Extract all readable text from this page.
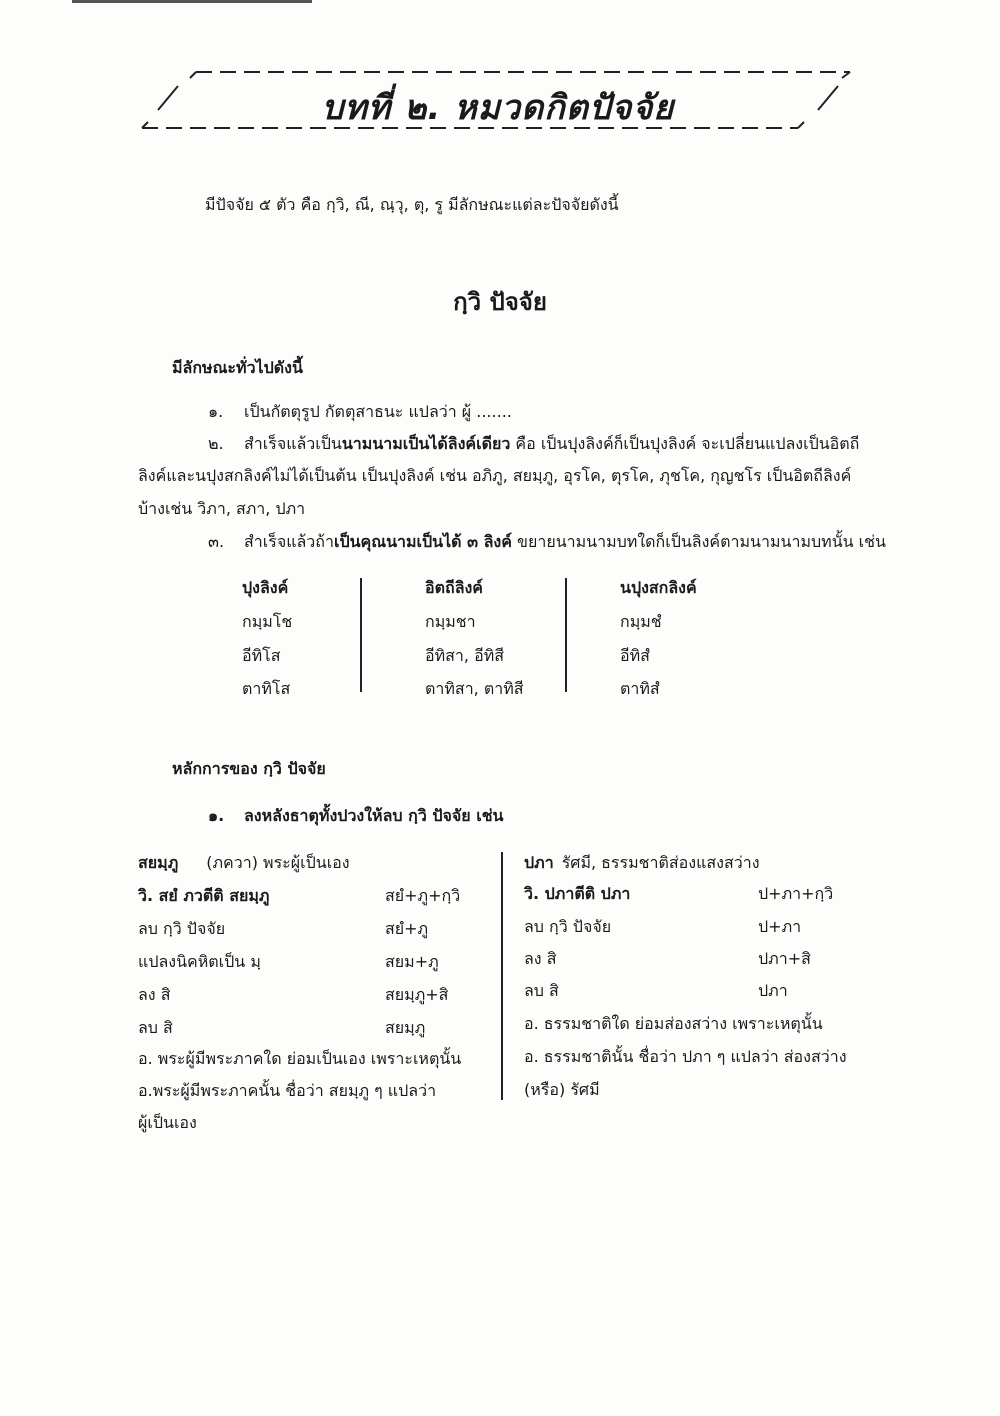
บทที่ ๒. หมวดกิตปัจจัย
มีปัจจัย ๕ ตัว คือ กฺวิ, ณี, ณฺวุ, ตุ, รู มีลักษณะแต่ละปัจจัยดังนี้
กฺวิ ปัจจัย
มีลักษณะทั่วไปดังนี้
๑. เป็นกัตตุรูป กัตตุสาธนะ แปลว่า ผู้ .......
๒. สำเร็จแล้วเป็นนามนามเป็นได้ลิงค์เดียว คือ เป็นปุงลิงค์ก็เป็นปุงลิงค์ จะเปลี่ยนแปลงเป็นอิตถี
ลิงค์และนปุงสกลิงค์ไม่ได้เป็นต้น เป็นปุงลิงค์ เช่น อภิภู, สยมฺภู, อุรโค, ตุรโค, ภุชโค, กุญชโร เป็นอิตถีลิงค์
บ้างเช่น วิภา, สภา, ปภา
๓. สำเร็จแล้วถ้าเป็นคุณนามเป็นได้ ๓ ลิงค์ ขยายนามนามบทใดก็เป็นลิงค์ตามนามนามบทนั้น เช่น
ปุงลิงค์	อิตถีลิงค์	นปุงสกลิงค์
กมฺมโช	กมฺมชา	กมฺมชํ
อีทิโส	อีทิสา, อีทิสี	อีทิสํ
ตาทิโส	ตาทิสา, ตาทิสี	ตาทิสํ
หลักการของ กฺวิ ปัจจัย
๑. ลงหลังธาตุทั้งปวงให้ลบ กฺวิ ปัจจัย เช่น
สยมฺภู (ภควา) พระผู้เป็นเอง
วิ. สยํ ภวตีติ สยมฺภู	สยํ+ภู+กฺวิ
ลบ กฺวิ ปัจจัย	สยํ+ภู
แปลงนิคหิตเป็น มฺ	สยม+ภู
ลง สิ	สยมฺภู+สิ
ลบ สิ	สยมฺภู
อ. พระผู้มีพระภาคใด ย่อมเป็นเอง เพราะเหตุนั้น
อ.พระผู้มีพระภาคนั้น ชื่อว่า สยมฺภู ๆ แปลว่า
ผู้เป็นเอง
ปภา รัศมี, ธรรมชาติส่องแสงสว่าง
วิ. ปภาตีติ ปภา	ป+ภา+กฺวิ
ลบ กฺวิ ปัจจัย	ป+ภา
ลง สิ	ปภา+สิ
ลบ สิ	ปภา
อ. ธรรมชาติใด ย่อมส่องสว่าง เพราะเหตุนั้น
อ. ธรรมชาตินั้น ชื่อว่า ปภา ๆ แปลว่า ส่องสว่าง
(หรือ) รัศมี
